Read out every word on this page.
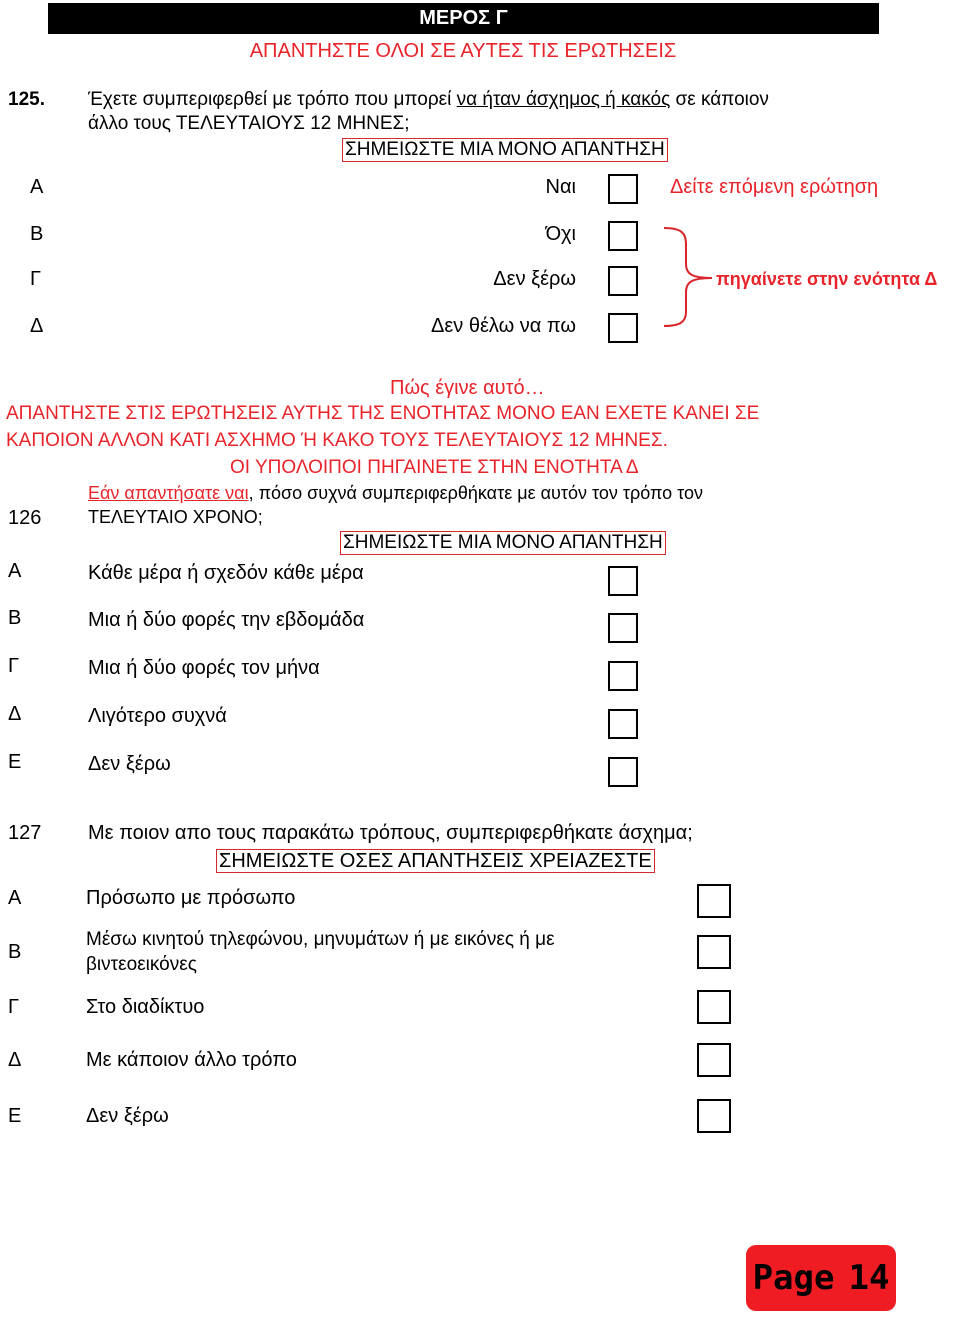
ΜΕΡΟΣ Γ
ΑΠΑΝΤΗΣΤΕ ΟΛΟΙ ΣΕ ΑΥΤΕΣ ΤΙΣ ΕΡΩΤΗΣΕΙΣ
125. Έχετε συμπεριφερθεί με τρόπο που μπορεί να ήταν άσχημος ή κακός σε κάποιον
άλλο τους ΤΕΛΕΥΤΑΙΟΥΣ 12 ΜΗΝΕΣ;
ΣΗΜΕΙΩΣΤΕ ΜΙΑ ΜΟΝΟ ΑΠΑΝΤΗΣΗ
Α	Ναι	Δείτε επόμενη ερώτηση
Β	Όχι
Γ	Δεν ξέρω
Δ	Δεν θέλω να πω
πηγαίνετε στην ενότητα Δ
Πώς έγινε αυτό…
ΑΠΑΝΤΗΣΤΕ ΣΤΙΣ ΕΡΩΤΗΣΕΙΣ ΑΥΤΗΣ ΤΗΣ ΕΝΟΤΗΤΑΣ ΜΟΝΟ ΕΑΝ ΕΧΕΤΕ ΚΑΝΕΙ ΣΕ
ΚΑΠΟΙΟΝ ΑΛΛΟΝ ΚΑΤΙ ΑΣΧΗΜΟ Ή ΚΑΚΟ ΤΟΥΣ ΤΕΛΕΥΤΑΙΟΥΣ 12 ΜΗΝΕΣ.
ΟΙ ΥΠΟΛΟΙΠΟΙ ΠΗΓΑΙΝΕΤΕ ΣΤΗΝ ΕΝΟΤΗΤΑ Δ
Εάν απαντήσατε ναι, πόσο συχνά συμπεριφερθήκατε με αυτόν τον τρόπο τον
126	ΤΕΛΕΥΤΑΙΟ ΧΡΟΝΟ;
ΣΗΜΕΙΩΣΤΕ ΜΙΑ ΜΟΝΟ ΑΠΑΝΤΗΣΗ
Α	Κάθε μέρα ή σχεδόν κάθε μέρα
Β	Μια ή δύο φορές την εβδομάδα
Γ	Μια ή δύο φορές τον μήνα
Δ	Λιγότερο συχνά
Ε	Δεν ξέρω
127 Με ποιον απο τους παρακάτω τρόπους, συμπεριφερθήκατε άσχημα;
ΣΗΜΕΙΩΣΤΕ ΟΣΕΣ ΑΠΑΝΤΗΣΕΙΣ ΧΡΕΙΑΖΕΣΤΕ
Α	Πρόσωπο με πρόσωπο
Β
Μέσω κινητού τηλεφώνου, μηνυμάτων ή με εικόνες ή με
βιντεοεικόνες
Γ	Στο διαδίκτυο
Δ	Με κάποιον άλλο τρόπο
Ε	Δεν ξέρω
Page 14
